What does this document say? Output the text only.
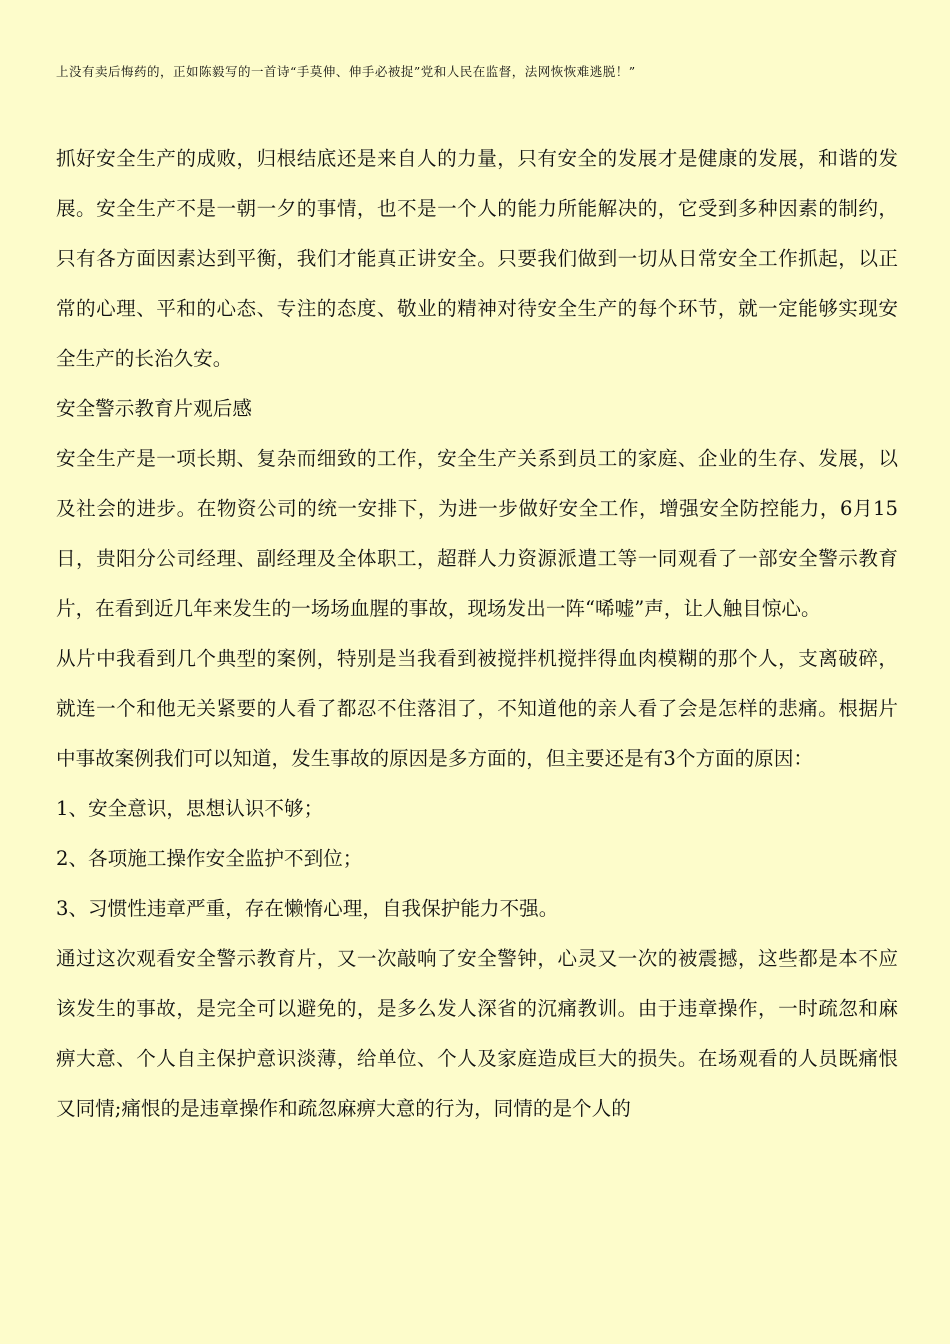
上没有卖后悔药的，正如陈毅写的一首诗“手莫伸、伸手必被捉”党和人民在监督，法网恢恢难逃脱！”

抓好安全生产的成败，归根结底还是来自人的力量，只有安全的发展才是健康的发展，和谐的发展。安全生产不是一朝一夕的事情，也不是一个人的能力所能解决的，它受到多种因素的制约，只有各方面因素达到平衡，我们才能真正讲安全。只要我们做到一切从日常安全工作抓起，以正常的心理、平和的心态、专注的态度、敬业的精神对待安全生产的每个环节，就一定能够实现安全生产的长治久安。

安全警示教育片观后感

安全生产是一项长期、复杂而细致的工作，安全生产关系到员工的家庭、企业的生存、发展，以及社会的进步。在物资公司的统一安排下，为进一步做好安全工作，增强安全防控能力，6月15日，贵阳分公司经理、副经理及全体职工，超群人力资源派遣工等一同观看了一部安全警示教育片，在看到近几年来发生的一场场血腥的事故，现场发出一阵“唏嘘”声，让人触目惊心。

从片中我看到几个典型的案例，特别是当我看到被搅拌机搅拌得血肉模糊的那个人，支离破碎，就连一个和他无关紧要的人看了都忍不住落泪了，不知道他的亲人看了会是怎样的悲痛。根据片中事故案例我们可以知道，发生事故的原因是多方面的，但主要还是有3个方面的原因：

1、安全意识，思想认识不够；

2、各项施工操作安全监护不到位；

3、习惯性违章严重，存在懒惰心理，自我保护能力不强。

通过这次观看安全警示教育片，又一次敲响了安全警钟，心灵又一次的被震撼，这些都是本不应该发生的事故，是完全可以避免的，是多么发人深省的沉痛教训。由于违章操作，一时疏忽和麻痹大意、个人自主保护意识淡薄，给单位、个人及家庭造成巨大的损失。在场观看的人员既痛恨又同情;痛恨的是违章操作和疏忽麻痹大意的行为，同情的是个人的
